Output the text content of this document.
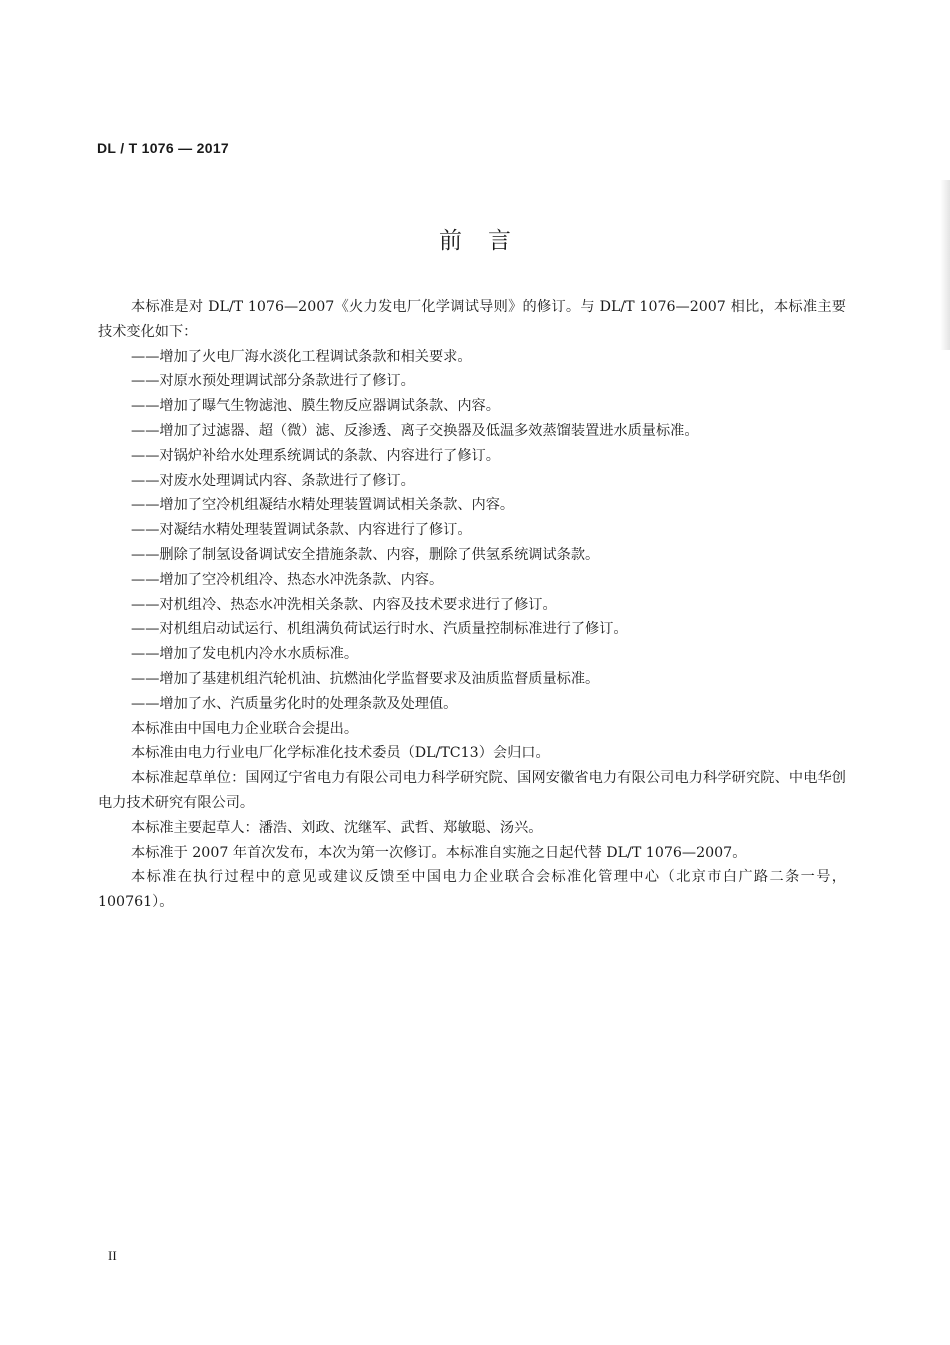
DL / T 1076 — 2017
前言

本标准是对 DL/T 1076—2007《火力发电厂化学调试导则》的修订。与 DL/T 1076—2007 相比，本标准主要技术变化如下：

——增加了火电厂海水淡化工程调试条款和相关要求。

——对原水预处理调试部分条款进行了修订。

——增加了曝气生物滤池、膜生物反应器调试条款、内容。

——增加了过滤器、超（微）滤、反渗透、离子交换器及低温多效蒸馏装置进水质量标准。

——对锅炉补给水处理系统调试的条款、内容进行了修订。

——对废水处理调试内容、条款进行了修订。

——增加了空冷机组凝结水精处理装置调试相关条款、内容。

——对凝结水精处理装置调试条款、内容进行了修订。

——删除了制氢设备调试安全措施条款、内容，删除了供氢系统调试条款。

——增加了空冷机组冷、热态水冲洗条款、内容。

——对机组冷、热态水冲洗相关条款、内容及技术要求进行了修订。

——对机组启动试运行、机组满负荷试运行时水、汽质量控制标准进行了修订。

——增加了发电机内冷水水质标准。

——增加了基建机组汽轮机油、抗燃油化学监督要求及油质监督质量标准。

——增加了水、汽质量劣化时的处理条款及处理值。

本标准由中国电力企业联合会提出。

本标准由电力行业电厂化学标准化技术委员（DL/TC13）会归口。

本标准起草单位：国网辽宁省电力有限公司电力科学研究院、国网安徽省电力有限公司电力科学研究院、中电华创电力技术研究有限公司。

本标准主要起草人：潘浩、刘政、沈继军、武哲、郑敏聪、汤兴。

本标准于 2007 年首次发布，本次为第一次修订。本标准自实施之日起代替 DL/T 1076—2007。

本标准在执行过程中的意见或建议反馈至中国电力企业联合会标准化管理中心（北京市白广路二条一号，100761）。

II
